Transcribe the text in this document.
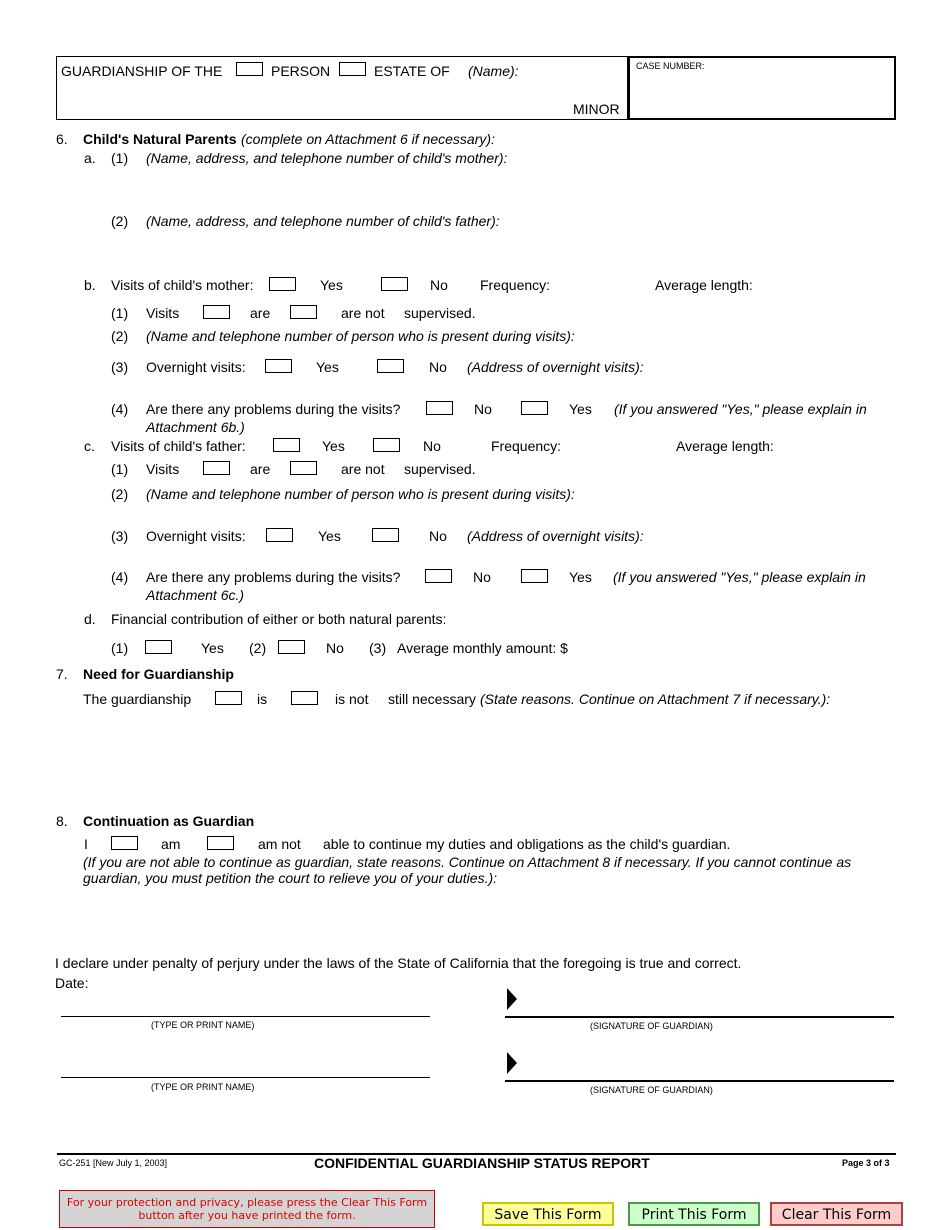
GUARDIANSHIP OF THE	PERSON	ESTATE OF (Name):
MINOR
CASE NUMBER:
6. Child's Natural Parents (complete on Attachment 6 if necessary):
a. (1) (Name, address, and telephone number of child's mother):
(2) (Name, address, and telephone number of child's father):
b. Visits of child's mother:	Yes	No Frequency:	Average length:
(1) Visits	are	are not supervised.
(2) (Name and telephone number of person who is present during visits):
(3) Overnight visits:	Yes	No (Address of overnight visits):
(4) Are there any problems during the visits?	No	Yes (If you answered "Yes," please explain in
Attachment 6b.)
c. Visits of child's father:	Yes	No	Frequency:	Average length:
(1) Visits	are	are not supervised.
(2) (Name and telephone number of person who is present during visits):
(3) Overnight visits:	Yes	No (Address of overnight visits):
(4) Are there any problems during the visits?	No	Yes (If you answered "Yes," please explain in
Attachment 6c.)
d. Financial contribution of either or both natural parents:
(1)	Yes (2)	No (3) Average monthly amount: $
7. Need for Guardianship
The guardianship	is	is not still necessary (State reasons. Continue on Attachment 7 if necessary.):
8. Continuation as Guardian
I	am	am not able to continue my duties and obligations as the child's guardian.
(If you are not able to continue as guardian, state reasons. Continue on Attachment 8 if necessary. If you cannot continue as
guardian, you must petition the court to relieve you of your duties.):
I declare under penalty of perjury under the laws of the State of California that the foregoing is true and correct.
Date:
(TYPE OR PRINT NAME)	(SIGNATURE OF GUARDIAN)
(TYPE OR PRINT NAME)	(SIGNATURE OF GUARDIAN)
GC-251 [New July 1, 2003]	CONFIDENTIAL GUARDIANSHIP STATUS REPORT	Page 3 of 3
For your protection and privacy, please press the Clear This Form
button after you have printed the form.	Save This Form	Print This Form	Clear This Form
